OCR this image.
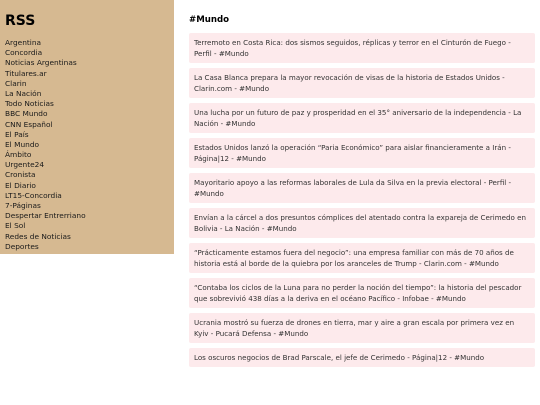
RSS
Argentina
Concordia
Noticias Argentinas
Titulares.ar
Clarin
La Nación
Todo Noticias
BBC Mundo
CNN Español
El País
El Mundo
Ámbito
Urgente24
Cronista
El Diario
LT15-Concordia
7-Páginas
Despertar Entrerriano
El Sol
Redes de Noticias
Deportes
#Mundo
Terremoto en Costa Rica: dos sismos seguidos, réplicas y terror en el Cinturón de Fuego - Perfil - #Mundo
La Casa Blanca prepara la mayor revocación de visas de la historia de Estados Unidos - Clarin.com - #Mundo
Una lucha por un futuro de paz y prosperidad en el 35° aniversario de la independencia - La Nación - #Mundo
Estados Unidos lanzó la operación “Paria Económico” para aislar financieramente a Irán - Página|12 - #Mundo
Mayoritario apoyo a las reformas laborales de Lula da Silva en la previa electoral - Perfil - #Mundo
Envían a la cárcel a dos presuntos cómplices del atentado contra la expareja de Cerimedo en Bolivia - La Nación - #Mundo
“Prácticamente estamos fuera del negocio”: una empresa familiar con más de 70 años de historia está al borde de la quiebra por los aranceles de Trump - Clarin.com - #Mundo
“Contaba los ciclos de la Luna para no perder la noción del tiempo”: la historia del pescador que sobrevivió 438 días a la deriva en el océano Pacífico - Infobae - #Mundo
Ucrania mostró su fuerza de drones en tierra, mar y aire a gran escala por primera vez en Kyiv - Pucará Defensa - #Mundo
Los oscuros negocios de Brad Parscale, el jefe de Cerimedo - Página|12 - #Mundo
